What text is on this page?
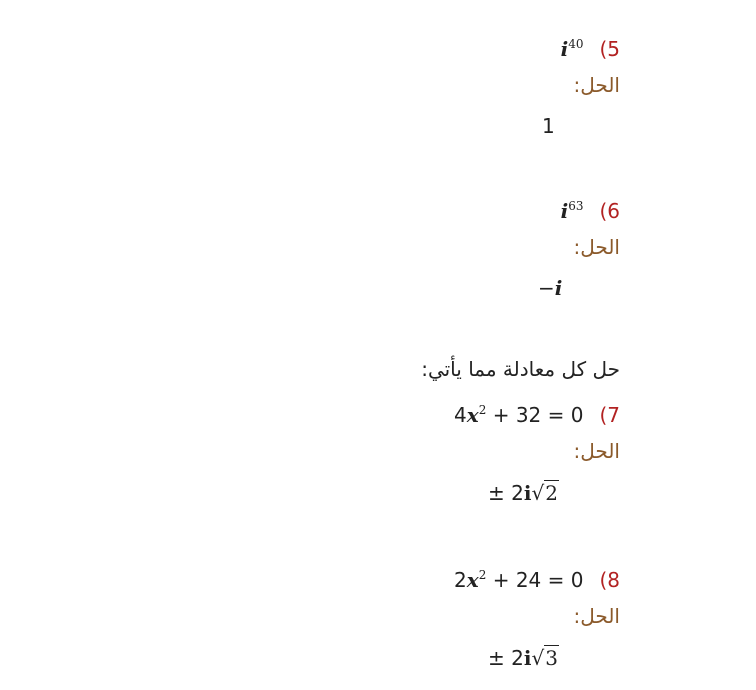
$i^{40}$ (5
الحل:
1
$i^{63}$ (6
الحل:
−i
حل كل معادلة مما يأتي:
$4x^2 + 32 = 0$ (7
الحل:
± 2i√2
$2x^2 + 24 = 0$ (8
الحل:
± 2i√3
